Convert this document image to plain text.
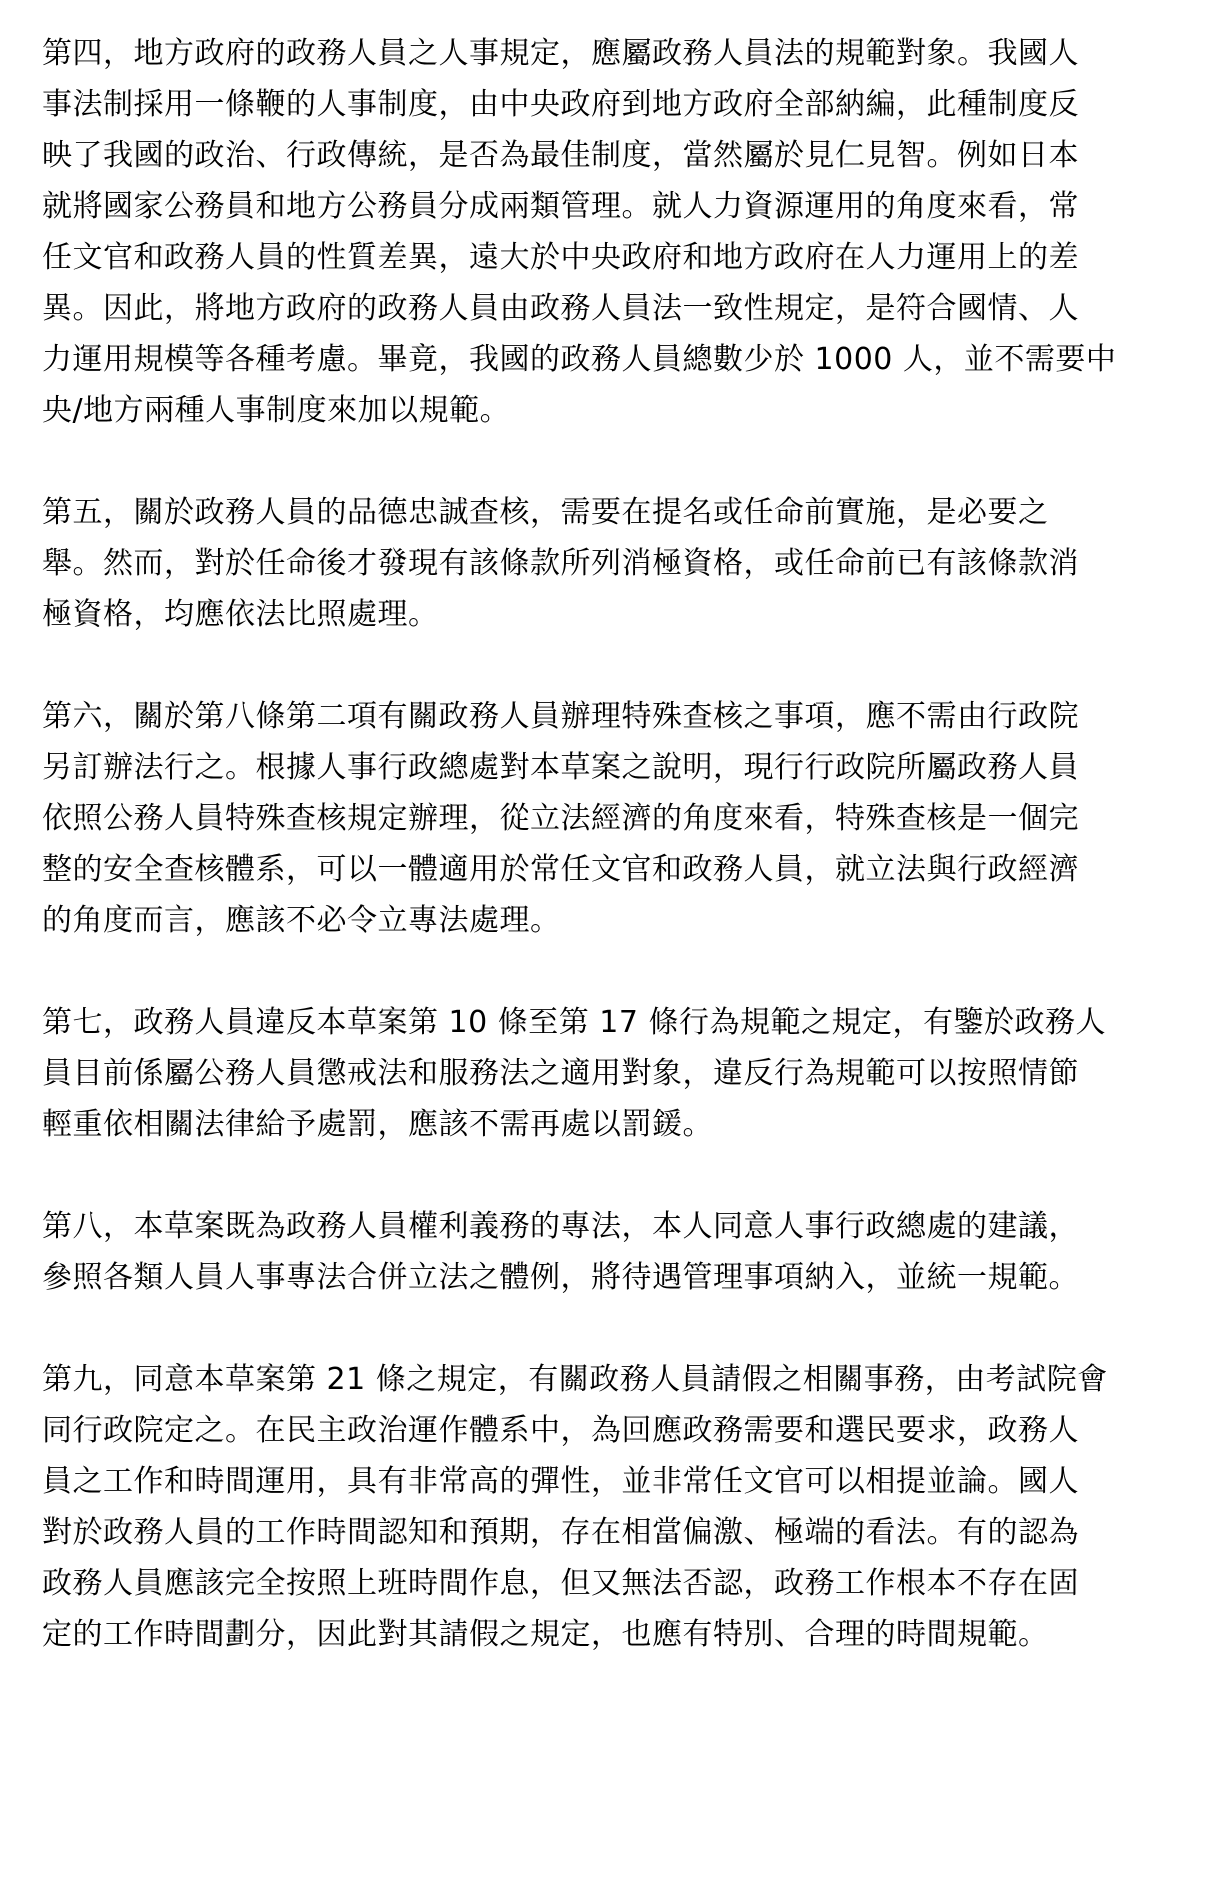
第四，地方政府的政務人員之人事規定，應屬政務人員法的規範對象。我國人
事法制採用一條鞭的人事制度，由中央政府到地方政府全部納編，此種制度反
映了我國的政治、行政傳統，是否為最佳制度，當然屬於見仁見智。例如日本
就將國家公務員和地方公務員分成兩類管理。就人力資源運用的角度來看，常
任文官和政務人員的性質差異，遠大於中央政府和地方政府在人力運用上的差
異。因此，將地方政府的政務人員由政務人員法一致性規定，是符合國情、人
力運用規模等各種考慮。畢竟，我國的政務人員總數少於 1000 人，並不需要中
央/地方兩種人事制度來加以規範。
第五，關於政務人員的品德忠誠查核，需要在提名或任命前實施，是必要之
舉。然而，對於任命後才發現有該條款所列消極資格，或任命前已有該條款消
極資格，均應依法比照處理。
第六，關於第八條第二項有關政務人員辦理特殊查核之事項，應不需由行政院
另訂辦法行之。根據人事行政總處對本草案之說明，現行行政院所屬政務人員
依照公務人員特殊查核規定辦理，從立法經濟的角度來看，特殊查核是一個完
整的安全查核體系，可以一體適用於常任文官和政務人員，就立法與行政經濟
的角度而言，應該不必令立專法處理。
第七，政務人員違反本草案第 10 條至第 17 條行為規範之規定，有鑒於政務人
員目前係屬公務人員懲戒法和服務法之適用對象，違反行為規範可以按照情節
輕重依相關法律給予處罰，應該不需再處以罰鍰。
第八，本草案既為政務人員權利義務的專法，本人同意人事行政總處的建議，
參照各類人員人事專法合併立法之體例，將待遇管理事項納入，並統一規範。
第九，同意本草案第 21 條之規定，有關政務人員請假之相關事務，由考試院會
同行政院定之。在民主政治運作體系中，為回應政務需要和選民要求，政務人
員之工作和時間運用，具有非常高的彈性，並非常任文官可以相提並論。國人
對於政務人員的工作時間認知和預期，存在相當偏激、極端的看法。有的認為
政務人員應該完全按照上班時間作息，但又無法否認，政務工作根本不存在固
定的工作時間劃分，因此對其請假之規定，也應有特別、合理的時間規範。
